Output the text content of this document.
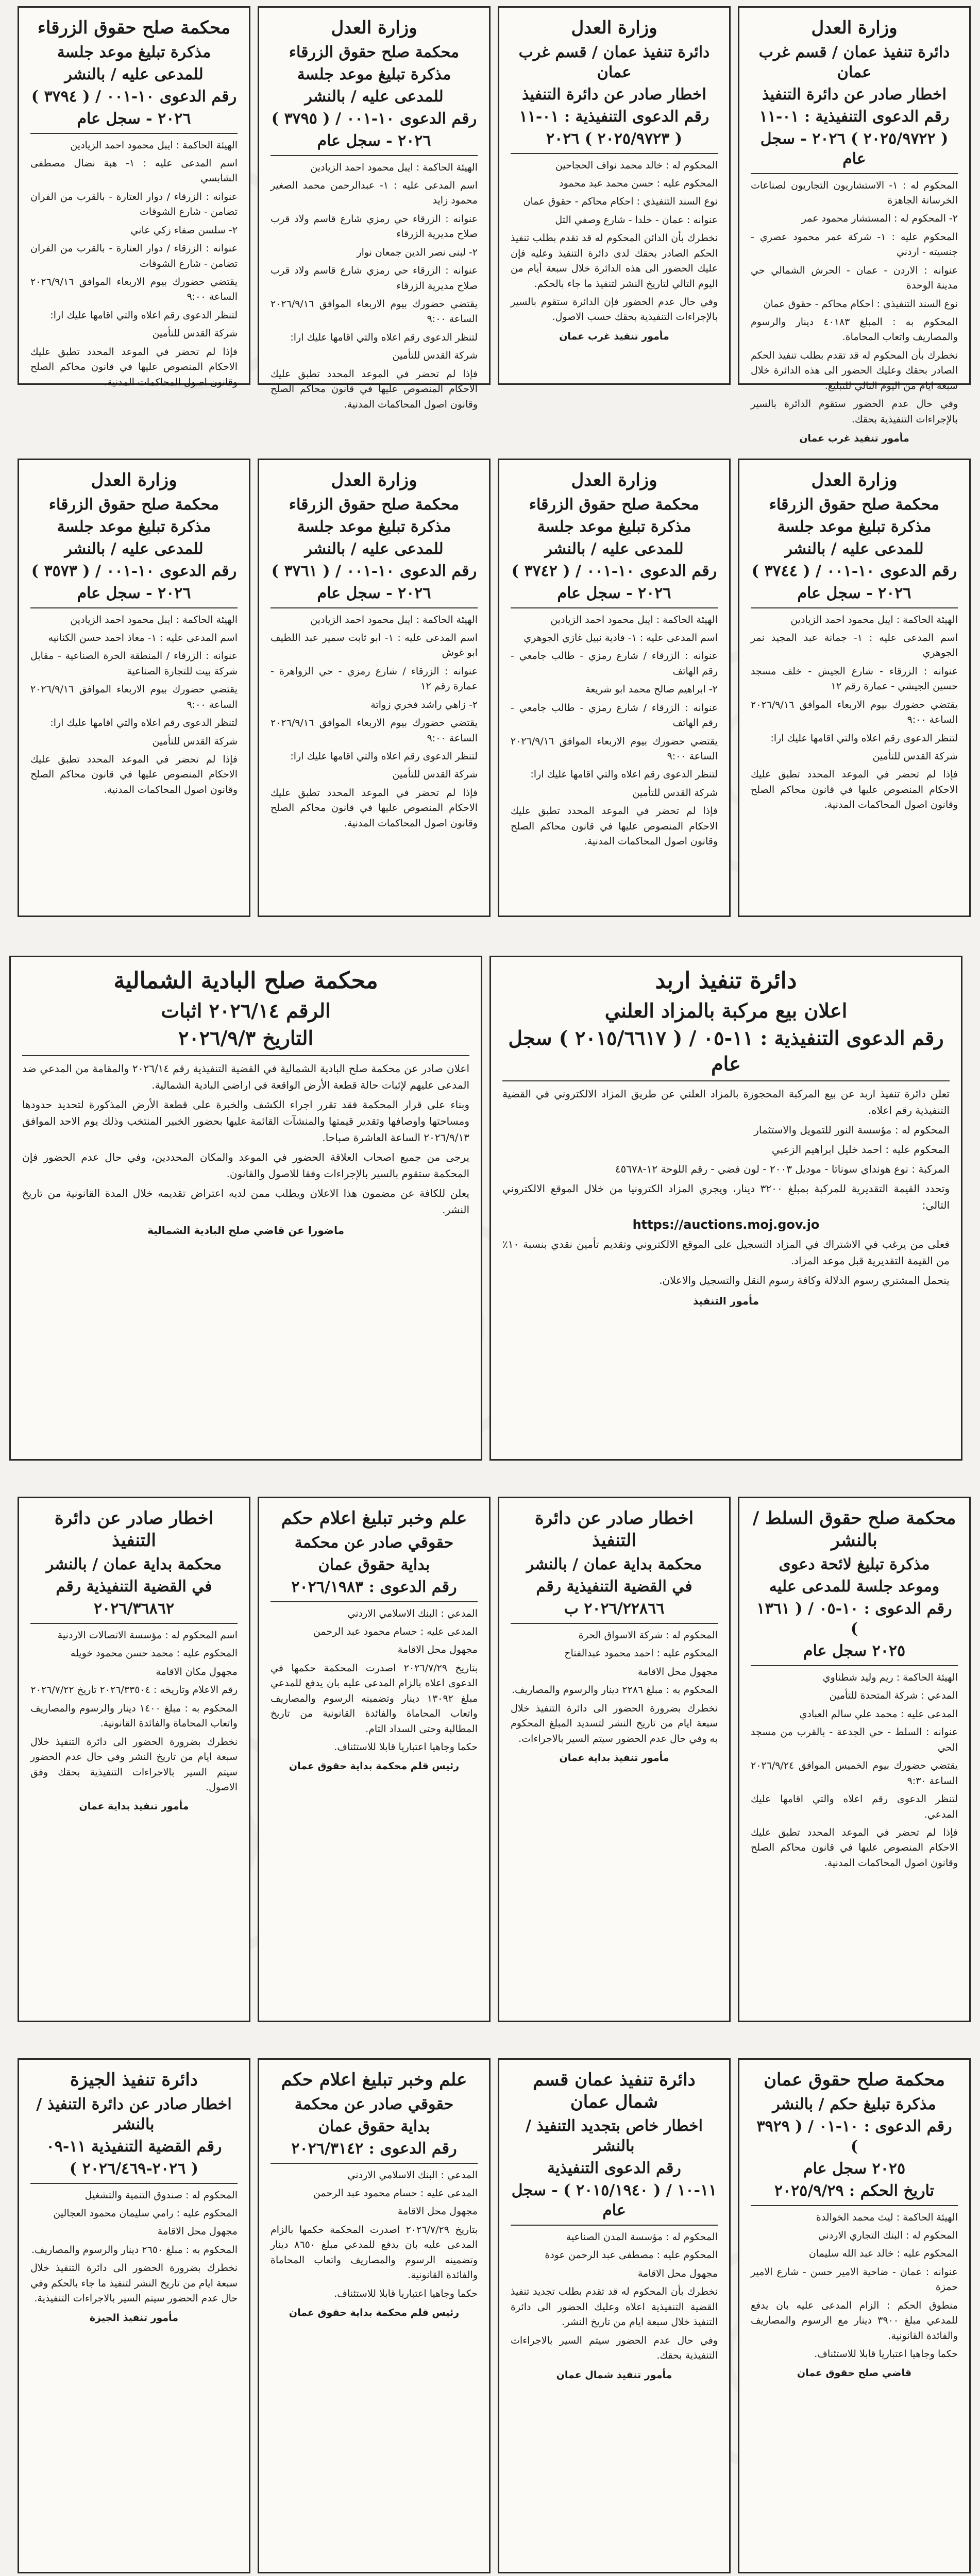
محكمة صلح حقوق الزرقاء
مذكرة تبليغ موعد جلسة
للمدعى عليه / بالنشر
رقم الدعوى ١٠-٠٠١ / ( ٣٧٩٤ )
٢٠٢٦ - سجل عام

الهيئة الحاكمة : ايبل محمود احمد الزيادين

اسم المدعى عليه : ١- هبة نضال مصطفى الشابسي

عنوانه : الزرقاء / دوار العتارة - بالقرب من الفران تضامن - شارع الشوقات

٢- سلسن صفاء زكي عاني

عنوانه : الزرقاء / دوار العتارة - بالقرب من الفران تضامن - شارع الشوقات

يقتضي حضورك بيوم الاربعاء الموافق ٢٠٢٦/٩/١٦ الساعة ٩:٠٠

لتنظر الدعوى رقم اعلاه والتي اقامها عليك ارا:

شركة القدس للتأمين

فإذا لم تحضر في الموعد المحدد تطبق عليك الاحكام المنصوص عليها في قانون محاكم الصلح وقانون اصول المحاكمات المدنية.

وزارة العدل
محكمة صلح حقوق الزرقاء
مذكرة تبليغ موعد جلسة
للمدعى عليه / بالنشر
رقم الدعوى ١٠-٠٠١ / ( ٣٧٩٥ )
٢٠٢٦ - سجل عام

الهيئة الحاكمة : ايبل محمود احمد الزيادين

اسم المدعى عليه : ١- عبدالرحمن محمد الصغير محمود زايد

عنوانه : الزرقاء حي رمزي شارع قاسم ولاد قرب صلاح مديرية الزرقاء

٢- لبنى نصر الدين جمعان نوار

عنوانه : الزرقاء حي رمزي شارع قاسم ولاد قرب صلاح مديرية الزرقاء

يقتضي حضورك بيوم الاربعاء الموافق ٢٠٢٦/٩/١٦ الساعة ٩:٠٠

لتنظر الدعوى رقم اعلاه والتي اقامها عليك ارا:

شركة القدس للتأمين

فإذا لم تحضر في الموعد المحدد تطبق عليك الاحكام المنصوص عليها في قانون محاكم الصلح وقانون اصول المحاكمات المدنية.

وزارة العدل
دائرة تنفيذ عمان / قسم غرب عمان
اخطار صادر عن دائرة التنفيذ
رقم الدعوى التنفيذية : ٠١-١١
( ٢٠٢٥/٩٧٢٣ ) ٢٠٢٦

المحكوم له : خالد محمد نواف الحجاحين

المحكوم عليه : حسن محمد عبد محمود

نوع السند التنفيذي : احكام محاكم - حقوق عمان

عنوانه : عمان - خلدا - شارع وصفي التل

نخطرك بأن الدائن المحكوم له قد تقدم بطلب تنفيذ الحكم الصادر بحقك لدى دائرة التنفيذ وعليه فإن عليك الحضور الى هذه الدائرة خلال سبعة أيام من اليوم التالي لتاريخ النشر لتنفيذ ما جاء بالحكم.

وفي حال عدم الحضور فإن الدائرة ستقوم بالسير بالإجراءات التنفيذية بحقك حسب الاصول.

مأمور تنفيذ غرب عمان

وزارة العدل
دائرة تنفيذ عمان / قسم غرب عمان
اخطار صادر عن دائرة التنفيذ
رقم الدعوى التنفيذية : ٠١-١١
( ٢٠٢٥/٩٧٢٢ ) ٢٠٢٦ - سجل عام

المحكوم له : ١- الاستشاريون التجاريون لصناعات الخرسانة الجاهزة

٢- المحكوم له : المستشار محمود عمر

المحكوم عليه : ١- شركة عمر محمود عصري - جنسيته - اردني

عنوانه : الاردن - عمان - الحرش الشمالي حي مدينة الوحدة

نوع السند التنفيذي : احكام محاكم - حقوق عمان

المحكوم به : المبلغ ٤٠١٨٣ دينار والرسوم والمصاريف واتعاب المحاماة.

نخطرك بأن المحكوم له قد تقدم بطلب تنفيذ الحكم الصادر بحقك وعليك الحضور الى هذه الدائرة خلال سبعة ايام من اليوم التالي للتبليغ.

وفي حال عدم الحضور ستقوم الدائرة بالسير بالإجراءات التنفيذية بحقك.

مأمور تنفيذ غرب عمان

وزارة العدل
محكمة صلح حقوق الزرقاء
مذكرة تبليغ موعد جلسة
للمدعى عليه / بالنشر
رقم الدعوى ١٠-٠٠١ / ( ٣٥٧٣ )
٢٠٢٦ - سجل عام

الهيئة الحاكمة : ايبل محمود احمد الزيادين

اسم المدعى عليه : ١- معاذ احمد حسن الكنانيه

عنوانه : الزرقاء / المنطقة الحرة الصناعية - مقابل شركة بيت للتجارة الصناعية

يقتضي حضورك بيوم الاربعاء الموافق ٢٠٢٦/٩/١٦ الساعة ٩:٠٠

لتنظر الدعوى رقم اعلاه والتي اقامها عليك ارا:

شركة القدس للتأمين

فإذا لم تحضر في الموعد المحدد تطبق عليك الاحكام المنصوص عليها في قانون محاكم الصلح وقانون اصول المحاكمات المدنية.

وزارة العدل
محكمة صلح حقوق الزرقاء
مذكرة تبليغ موعد جلسة
للمدعى عليه / بالنشر
رقم الدعوى ١٠-٠٠١ / ( ٣٧٦١ )
٢٠٢٦ - سجل عام

الهيئة الحاكمة : ايبل محمود احمد الزيادين

اسم المدعى عليه : ١- ابو ثابت سمير عبد اللطيف ابو غوش

عنوانه : الزرقاء / شارع رمزي - حي الزواهرة - عمارة رقم ١٢

٢- زاهي راشد فخري زواتة

يقتضي حضورك بيوم الاربعاء الموافق ٢٠٢٦/٩/١٦ الساعة ٩:٠٠

لتنظر الدعوى رقم اعلاه والتي اقامها عليك ارا:

شركة القدس للتأمين

فإذا لم تحضر في الموعد المحدد تطبق عليك الاحكام المنصوص عليها في قانون محاكم الصلح وقانون اصول المحاكمات المدنية.

وزارة العدل
محكمة صلح حقوق الزرقاء
مذكرة تبليغ موعد جلسة
للمدعى عليه / بالنشر
رقم الدعوى ١٠-٠٠١ / ( ٣٧٤٢ )
٢٠٢٦ - سجل عام

الهيئة الحاكمة : ايبل محمود احمد الزيادين

اسم المدعى عليه : ١- فادية نبيل غازي الجوهري

عنوانه : الزرقاء / شارع رمزي - طالب جامعي - رقم الهاتف

٢- ابراهيم صالح محمد ابو شريعة

عنوانه : الزرقاء / شارع رمزي - طالب جامعي - رقم الهاتف

يقتضي حضورك بيوم الاربعاء الموافق ٢٠٢٦/٩/١٦ الساعة ٩:٠٠

لتنظر الدعوى رقم اعلاه والتي اقامها عليك ارا:

شركة القدس للتأمين

فإذا لم تحضر في الموعد المحدد تطبق عليك الاحكام المنصوص عليها في قانون محاكم الصلح وقانون اصول المحاكمات المدنية.

وزارة العدل
محكمة صلح حقوق الزرقاء
مذكرة تبليغ موعد جلسة
للمدعى عليه / بالنشر
رقم الدعوى ١٠-٠٠١ / ( ٣٧٤٤ )
٢٠٢٦ - سجل عام

الهيئة الحاكمة : ايبل محمود احمد الزيادين

اسم المدعى عليه : ١- جمانة عبد المجيد نمر الجوهري

عنوانه : الزرقاء - شارع الجيش - خلف مسجد حسين الجيشي - عمارة رقم ١٢

يقتضي حضورك بيوم الاربعاء الموافق ٢٠٢٦/٩/١٦ الساعة ٩:٠٠

لتنظر الدعوى رقم اعلاه والتي اقامها عليك ارا:

شركة القدس للتأمين

فإذا لم تحضر في الموعد المحدد تطبق عليك الاحكام المنصوص عليها في قانون محاكم الصلح وقانون اصول المحاكمات المدنية.

محكمة صلح البادية الشمالية
الرقم ٢٠٢٦/١٤ اثبات
التاريخ ٢٠٢٦/٩/٣

اعلان صادر عن محكمة صلح البادية الشمالية في القضية التنفيذية رقم ٢٠٢٦/١٤ والمقامة من المدعي ضد المدعى عليهم لإثبات حالة قطعة الأرض الواقعة في اراضي البادية الشمالية.

وبناء على قرار المحكمة فقد تقرر اجراء الكشف والخبرة على قطعة الأرض المذكورة لتحديد حدودها ومساحتها واوصافها وتقدير قيمتها والمنشآت القائمة عليها بحضور الخبير المنتخب وذلك يوم الاحد الموافق ٢٠٢٦/٩/١٣ الساعة العاشرة صباحا.

يرجى من جميع اصحاب العلاقة الحضور في الموعد والمكان المحددين، وفي حال عدم الحضور فإن المحكمة ستقوم بالسير بالإجراءات وفقا للاصول والقانون.

يعلن للكافة عن مضمون هذا الاعلان ويطلب ممن لديه اعتراض تقديمه خلال المدة القانونية من تاريخ النشر.

ماضورا عن قاضي صلح البادية الشمالية

دائرة تنفيذ اربد
اعلان بيع مركبة بالمزاد العلني
رقم الدعوى التنفيذية : ١١-٠٥ / ( ٢٠١٥/٦٦١٧ ) سجل عام

تعلن دائرة تنفيذ اربد عن بيع المركبة المحجوزة بالمزاد العلني عن طريق المزاد الالكتروني في القضية التنفيذية رقم اعلاه.

المحكوم له : مؤسسة النور للتمويل والاستثمار

المحكوم عليه : احمد خليل ابراهيم الزعبي

المركبة : نوع هونداي سوناتا - موديل ٢٠٠٣ - لون فضي - رقم اللوحة ١٢-٤٥٦٧٨

وتحدد القيمة التقديرية للمركبة بمبلغ ٣٢٠٠ دينار، ويجري المزاد الكترونيا من خلال الموقع الالكتروني التالي:

https://auctions.moj.gov.jo

فعلى من يرغب في الاشتراك في المزاد التسجيل على الموقع الالكتروني وتقديم تأمين نقدي بنسبة ١٠٪ من القيمة التقديرية قبل موعد المزاد.

يتحمل المشتري رسوم الدلالة وكافة رسوم النقل والتسجيل والاعلان.

مأمور التنفيذ

اخطار صادر عن دائرة التنفيذ
محكمة بداية عمان / بالنشر
في القضية التنفيذية رقم
٢٠٢٦/٣٦٨٦٢

اسم المحكوم له : مؤسسة الاتصالات الاردنية

المحكوم عليه : محمد حسن محمود خويله

مجهول مكان الاقامة

رقم الاعلام وتاريخه : ٢٠٢٦/٣٣٥٠٤ تاريخ ٢٠٢٦/٧/٢٢

المحكوم به : مبلغ ١٤٠٠ دينار والرسوم والمصاريف واتعاب المحاماة والفائدة القانونية.

نخطرك بضرورة الحضور الى دائرة التنفيذ خلال سبعة ايام من تاريخ النشر وفي حال عدم الحضور سيتم السير بالاجراءات التنفيذية بحقك وفق الاصول.

مأمور تنفيذ بداية عمان

علم وخبر تبليغ اعلام حكم
حقوقي صادر عن محكمة
بداية حقوق عمان
رقم الدعوى : ٢٠٢٦/١٩٨٣

المدعي : البنك الاسلامي الاردني

المدعى عليه : حسام محمود عبد الرحمن

مجهول محل الاقامة

بتاريخ ٢٠٢٦/٧/٢٩ اصدرت المحكمة حكمها في الدعوى اعلاه بالزام المدعى عليه بان يدفع للمدعي مبلغ ١٣٠٩٢ دينار وتضمينه الرسوم والمصاريف واتعاب المحاماة والفائدة القانونية من تاريخ المطالبة وحتى السداد التام.

حكما وجاهيا اعتباريا قابلا للاستئناف.

رئيس قلم محكمة بداية حقوق عمان

اخطار صادر عن دائرة التنفيذ
محكمة بداية عمان / بالنشر
في القضية التنفيذية رقم
٢٠٢٦/٢٢٨٦٦ ب

المحكوم له : شركة الاسواق الحرة

المحكوم عليه : احمد محمود عبدالفتاح

مجهول محل الاقامة

المحكوم به : مبلغ ٢٢٨٦ دينار والرسوم والمصاريف.

نخطرك بضرورة الحضور الى دائرة التنفيذ خلال سبعة ايام من تاريخ النشر لتسديد المبلغ المحكوم به وفي حال عدم الحضور سيتم السير بالاجراءات.

مأمور تنفيذ بداية عمان

محكمة صلح حقوق السلط / بالنشر
مذكرة تبليغ لائحة دعوى
وموعد جلسة للمدعى عليه
رقم الدعوى : ١٠-٠٥ / ( ١٣٦١ )
٢٠٢٥ سجل عام

الهيئة الحاكمة : ريم وليد شطناوي

المدعي : شركة المتحدة للتأمين

المدعى عليه : محمد علي سالم العبادي

عنوانه : السلط - حي الجدعة - بالقرب من مسجد الحي

يقتضي حضورك بيوم الخميس الموافق ٢٠٢٦/٩/٢٤ الساعة ٩:٣٠

لتنظر الدعوى رقم اعلاه والتي اقامها عليك المدعي.

فإذا لم تحضر في الموعد المحدد تطبق عليك الاحكام المنصوص عليها في قانون محاكم الصلح وقانون اصول المحاكمات المدنية.

دائرة تنفيذ الجيزة
اخطار صادر عن دائرة التنفيذ / بالنشر
رقم القضية التنفيذية ١١-٠٩
( ٢٠٢٦-٢٠٢٦/٤٦٩ )

المحكوم له : صندوق التنمية والتشغيل

المحكوم عليه : رامي سليمان محمود العجالين

مجهول محل الاقامة

المحكوم به : مبلغ ٢٦٥٠ دينار والرسوم والمصاريف.

نخطرك بضرورة الحضور الى دائرة التنفيذ خلال سبعة ايام من تاريخ النشر لتنفيذ ما جاء بالحكم وفي حال عدم الحضور سيتم السير بالاجراءات التنفيذية.

مأمور تنفيذ الجيزة

علم وخبر تبليغ اعلام حكم
حقوقي صادر عن محكمة
بداية حقوق عمان
رقم الدعوى : ٢٠٢٦/٣١٤٢

المدعي : البنك الاسلامي الاردني

المدعى عليه : حسام محمود عبد الرحمن

مجهول محل الاقامة

بتاريخ ٢٠٢٦/٧/٢٩ اصدرت المحكمة حكمها بالزام المدعى عليه بان يدفع للمدعي مبلغ ٨٦٥٠ دينار وتضمينه الرسوم والمصاريف واتعاب المحاماة والفائدة القانونية.

حكما وجاهيا اعتباريا قابلا للاستئناف.

رئيس قلم محكمة بداية حقوق عمان

دائرة تنفيذ عمان قسم شمال عمان
اخطار خاص بتجديد التنفيذ / بالنشر
رقم الدعوى التنفيذية
١١-١٠ / ( ٢٠١٥/١٩٤٠ ) - سجل عام

المحكوم له : مؤسسة المدن الصناعية

المحكوم عليه : مصطفى عبد الرحمن عودة

مجهول محل الاقامة

نخطرك بأن المحكوم له قد تقدم بطلب تجديد تنفيذ القضية التنفيذية اعلاه وعليك الحضور الى دائرة التنفيذ خلال سبعة ايام من تاريخ النشر.

وفي حال عدم الحضور سيتم السير بالاجراءات التنفيذية بحقك.

مأمور تنفيذ شمال عمان

محكمة صلح حقوق عمان
مذكرة تبليغ حكم / بالنشر
رقم الدعوى : ١٠-٠١ / ( ٣٩٢٩ )
٢٠٢٥ سجل عام
تاريخ الحكم : ٢٠٢٥/٩/٢٩

الهيئة الحاكمة : ليث محمد الخوالدة

المحكوم له : البنك التجاري الاردني

المحكوم عليه : خالد عبد الله سليمان

عنوانه : عمان - ضاحية الامير حسن - شارع الامير حمزة

منطوق الحكم : الزام المدعى عليه بان يدفع للمدعي مبلغ ٣٩٠٠ دينار مع الرسوم والمصاريف والفائدة القانونية.

حكما وجاهيا اعتباريا قابلا للاستئناف.

قاضي صلح حقوق عمان
